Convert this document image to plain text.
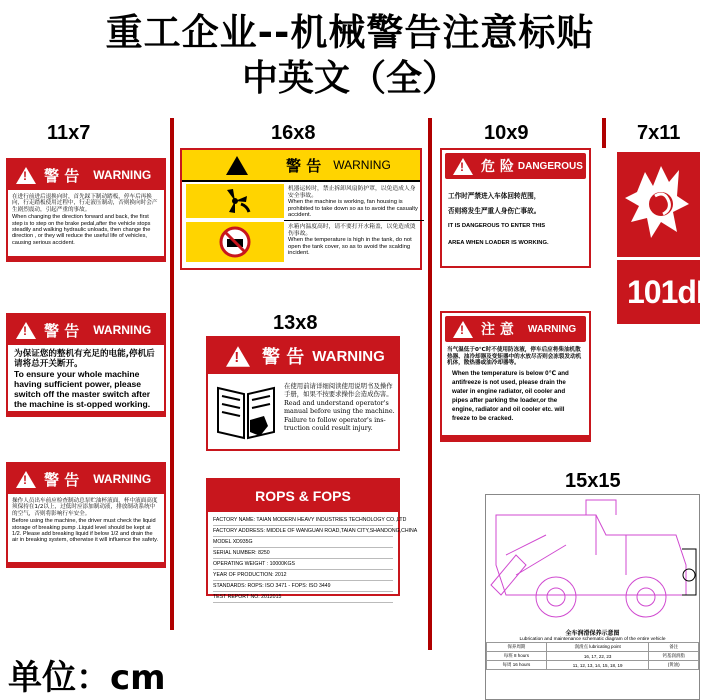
重工企业--机械警告注意标贴
中英文（全）
11x7	16x8	10x9	7x11
13x8
15x15
!
警 告 WARNING
在进行前进后退换向时，首先踩下制动踏板，停车后再换向，行走踏板使用过程中，行走液压制动，否则换向时会产生剧烈震动，引起严重的事故。
When changing the direction forward and back, the first step is to step on the brake pedal,after the vehicle stops steadily and walking hydraulic unloads, then change the direction , or they will reduce the useful life of vehicles, causing serious accident.
!
警 告 WARNING
为保证您的整机有充足的电能,停机后请将总开关断开。
To ensure your whole machine having sufficient power, please switch off the master switch after the machine is st-opped working.
!
警 告 WARNING
操作人员出车前应检查制动总泵贮油杯液面，杯中液面高度须保持在1/2以上，过低时应添加制动液，排放制动系统中的空气，否则将影响行车安全。
Before using the machine, the driver must check the liquid storage of breaking pump .Liquid level should be kept at 1/2. Please add breaking liquid if below 1/2 and drain the air in breaking system, otherwise it will influence the safety.
警 告 WARNING
机器运转时，禁止拆卸风扇防护罩，以免造成人身安全事故。
When the machine is working, fan housing is prohibited to take down so as to avoid the casualty accident.
水箱内温度高时，请不要打开水箱盖，以免造成烫伤事故。
When the temperature is high in the tank, do not open the tank cover, so as to avoid the scalding incident.
!
警 告 WARNING
在使用前请详细阅读使用说明书及操作手册，如果不按要求操作会造成伤害。
Read and understand operator's manual before using the machine. Failure to follow operator's ins-truction could result injury.
ROPS & FOPS
FACTORY NAME: TAIAN MODERN HEAVY INDUSTRIES TECHNOLOGY CO.,LTD
FACTORY ADDRESS: MIDDLE OF WANGUAN ROAD,TAIAN CITY,SHANDONG,CHINA
MODEL XD935G
SERIAL NUMBER: 8250
OPERATING WEIGHT : 10000KGS
YEAR OF PRODUCTION: 2012
STANDARDS: ROPS: ISO 3471 - FOPS: ISO 3449
TEST REPORT NO: 2012015
!
危 险 DANGEROUS
工作时严禁进入车体回转范围，
否则将发生严重人身伤亡事故。
IT IS DANGEROUS TO ENTER THIS
AREA WHEN LOADER IS WORKING.
!
注 意 WARNING
当气温低于0℃时不使用防冻液，停车后应将柴油机散热器、油冷却器及变矩器中的水放尽否则会冻裂发动机机体，散热器或油冷却器等。
When the temperature is below 0℃ and antifreeze is not used, please drain the water in engine radiator, oil cooler and pipes after parking the loader,or the engine, radiator and oil cooler etc. will freeze to be cracked.
101dB
全车润滑保养示意图
Lubrication and maintenance schematic diagram of the entire vehicle
保养周期	润滑点 lubricating point	备注
每班 8 hours	16, 17, 22, 23	钙基润滑脂
每周 16 hours	11, 12, 13, 14, 15, 18, 19	(黄油)
单位：cm
